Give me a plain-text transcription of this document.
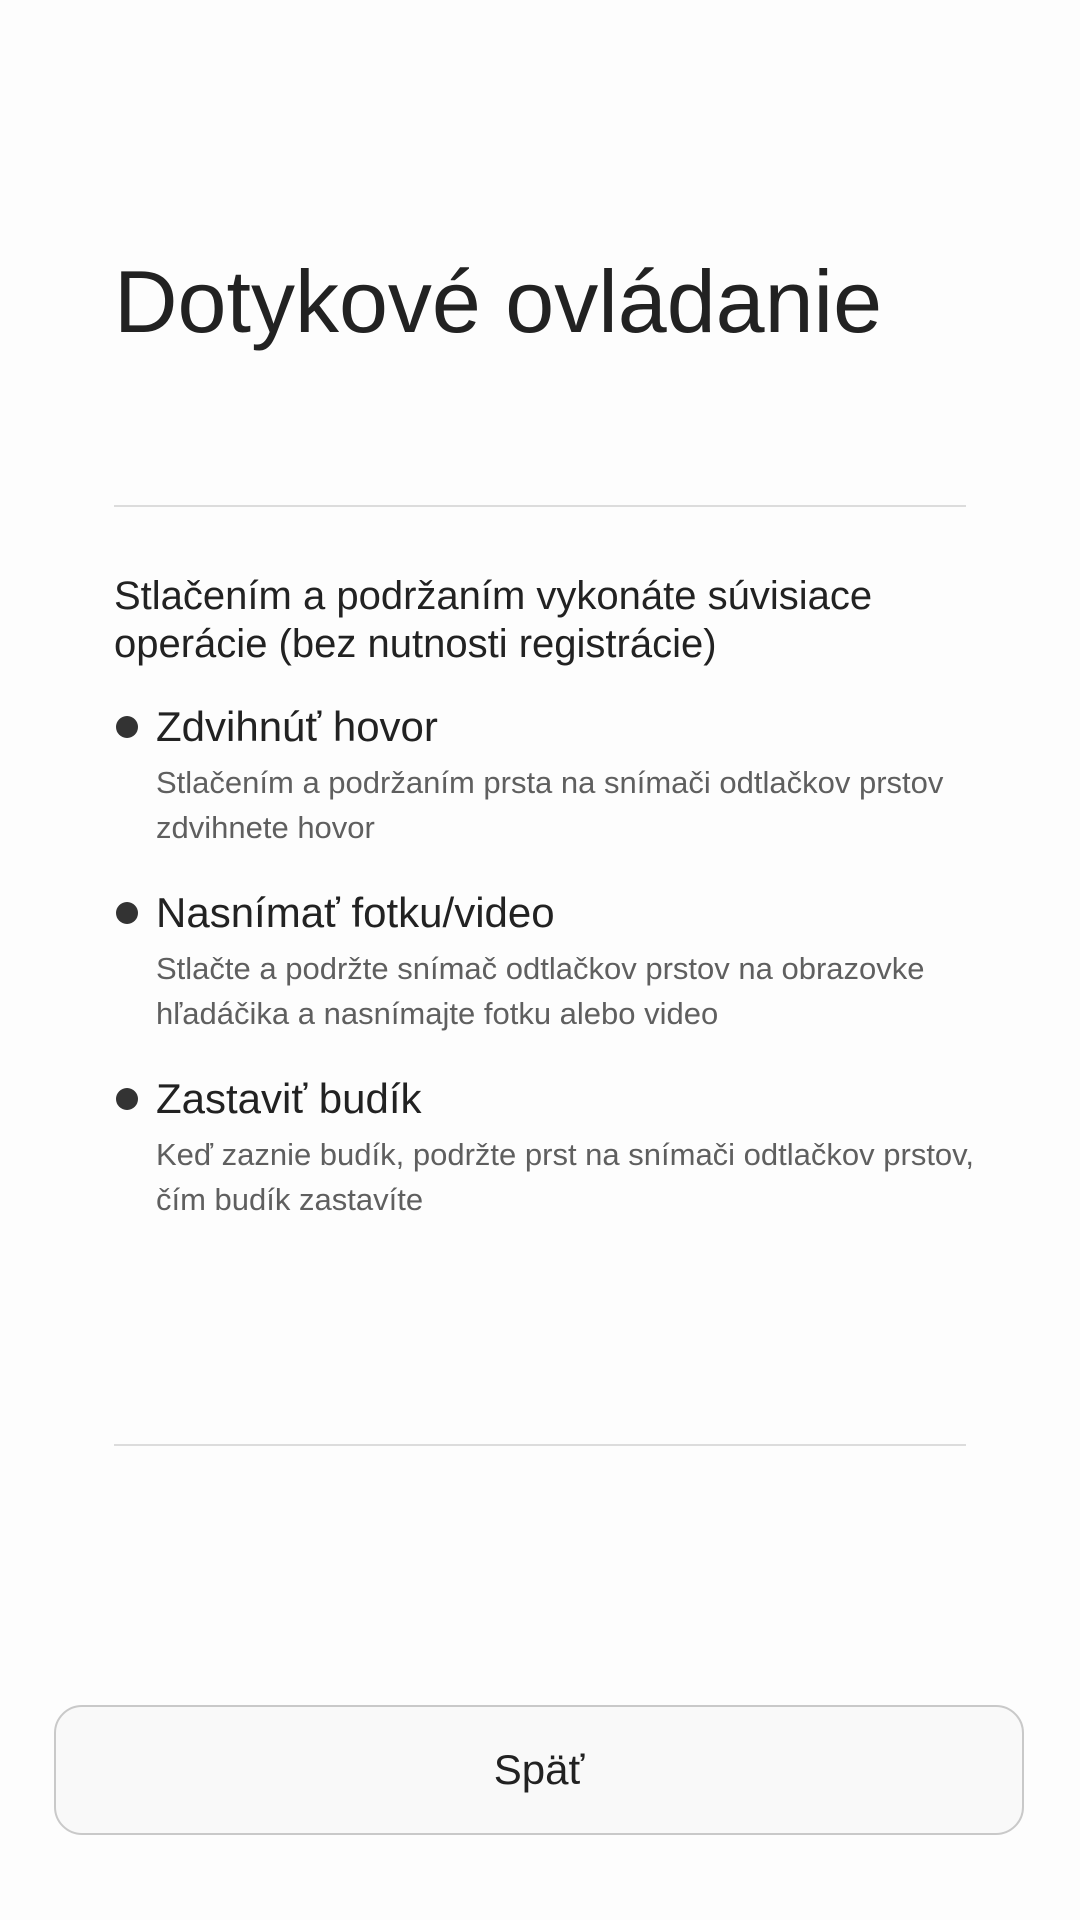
Dotykové ovládanie
Stlačením a podržaním vykonáte súvisiace operácie (bez nutnosti registrácie)
Zdvihnúť hovor
Stlačením a podržaním prsta na snímači odtlačkov prstov zdvihnete hovor
Nasnímať fotku/video
Stlačte a podržte snímač odtlačkov prstov na obrazovke hľadáčika a nasnímajte fotku alebo video
Zastaviť budík
Keď zaznie budík, podržte prst na snímači odtlačkov prstov, čím budík zastavíte
Späť
